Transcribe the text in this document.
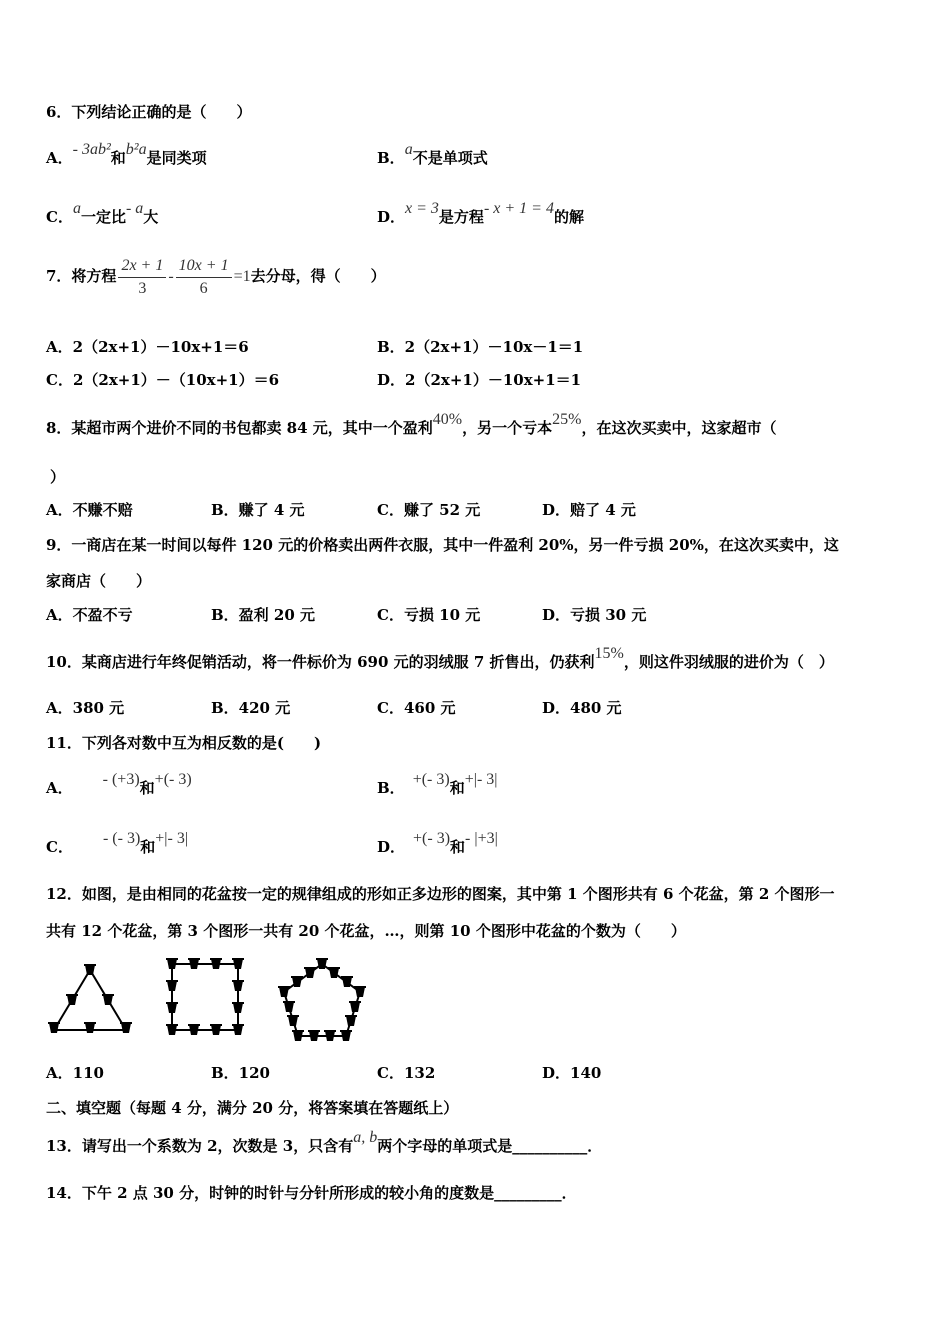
6．下列结论正确的是（　　）
A．- 3ab²和b²a是同类项	B．a不是单项式
C．a一定比- a大	D．x = 3是方程- x + 1 = 4的解
7．将方程 $\frac{2x + 1}{3} - \frac{10x + 1}{6} =1$去分母，得（　　）
A．2（2x+1）－10x+1＝6	B．2（2x+1）－10x－1＝1
C．2（2x+1）－（10x+1）＝6	D．2（2x+1）－10x+1＝1
8．某超市两个进价不同的书包都卖 84 元，其中一个盈利40%，另一个亏本25%，在这次买卖中，这家超市（
）
A．不赚不赔	B．赚了 4 元	C．赚了 52 元	D．赔了 4 元
9．一商店在某一时间以每件 120 元的价格卖出两件衣服，其中一件盈利 20%，另一件亏损 20%，在这次买卖中，这
家商店（　　）
A．不盈不亏	B．盈利 20 元	C．亏损 10 元	D．亏损 30 元
10．某商店进行年终促销活动，将一件标价为 690 元的羽绒服 7 折售出，仍获利15%，则这件羽绒服的进价为（　）
A．380 元	B．420 元	C．460 元	D．480 元
11．下列各对数中互为相反数的是(　　)
A． - (+3)和+(- 3)	B． +(- 3)和+|- 3|
C． - (- 3)和+|- 3|	D． +(- 3)和- |+3|
12．如图，是由相同的花盆按一定的规律组成的形如正多边形的图案，其中第 1 个图形共有 6 个花盆，第 2 个图形一
共有 12 个花盆，第 3 个图形一共有 20 个花盆，…，则第 10 个图形中花盆的个数为（　　）
A．110	B．120	C．132	D．140
二、填空题（每题 4 分，满分 20 分，将答案填在答题纸上）
13．请写出一个系数为 2，次数是 3，只含有a, b两个字母的单项式是__________．
14．下午 2 点 30 分，时钟的时针与分针所形成的较小角的度数是_________．
